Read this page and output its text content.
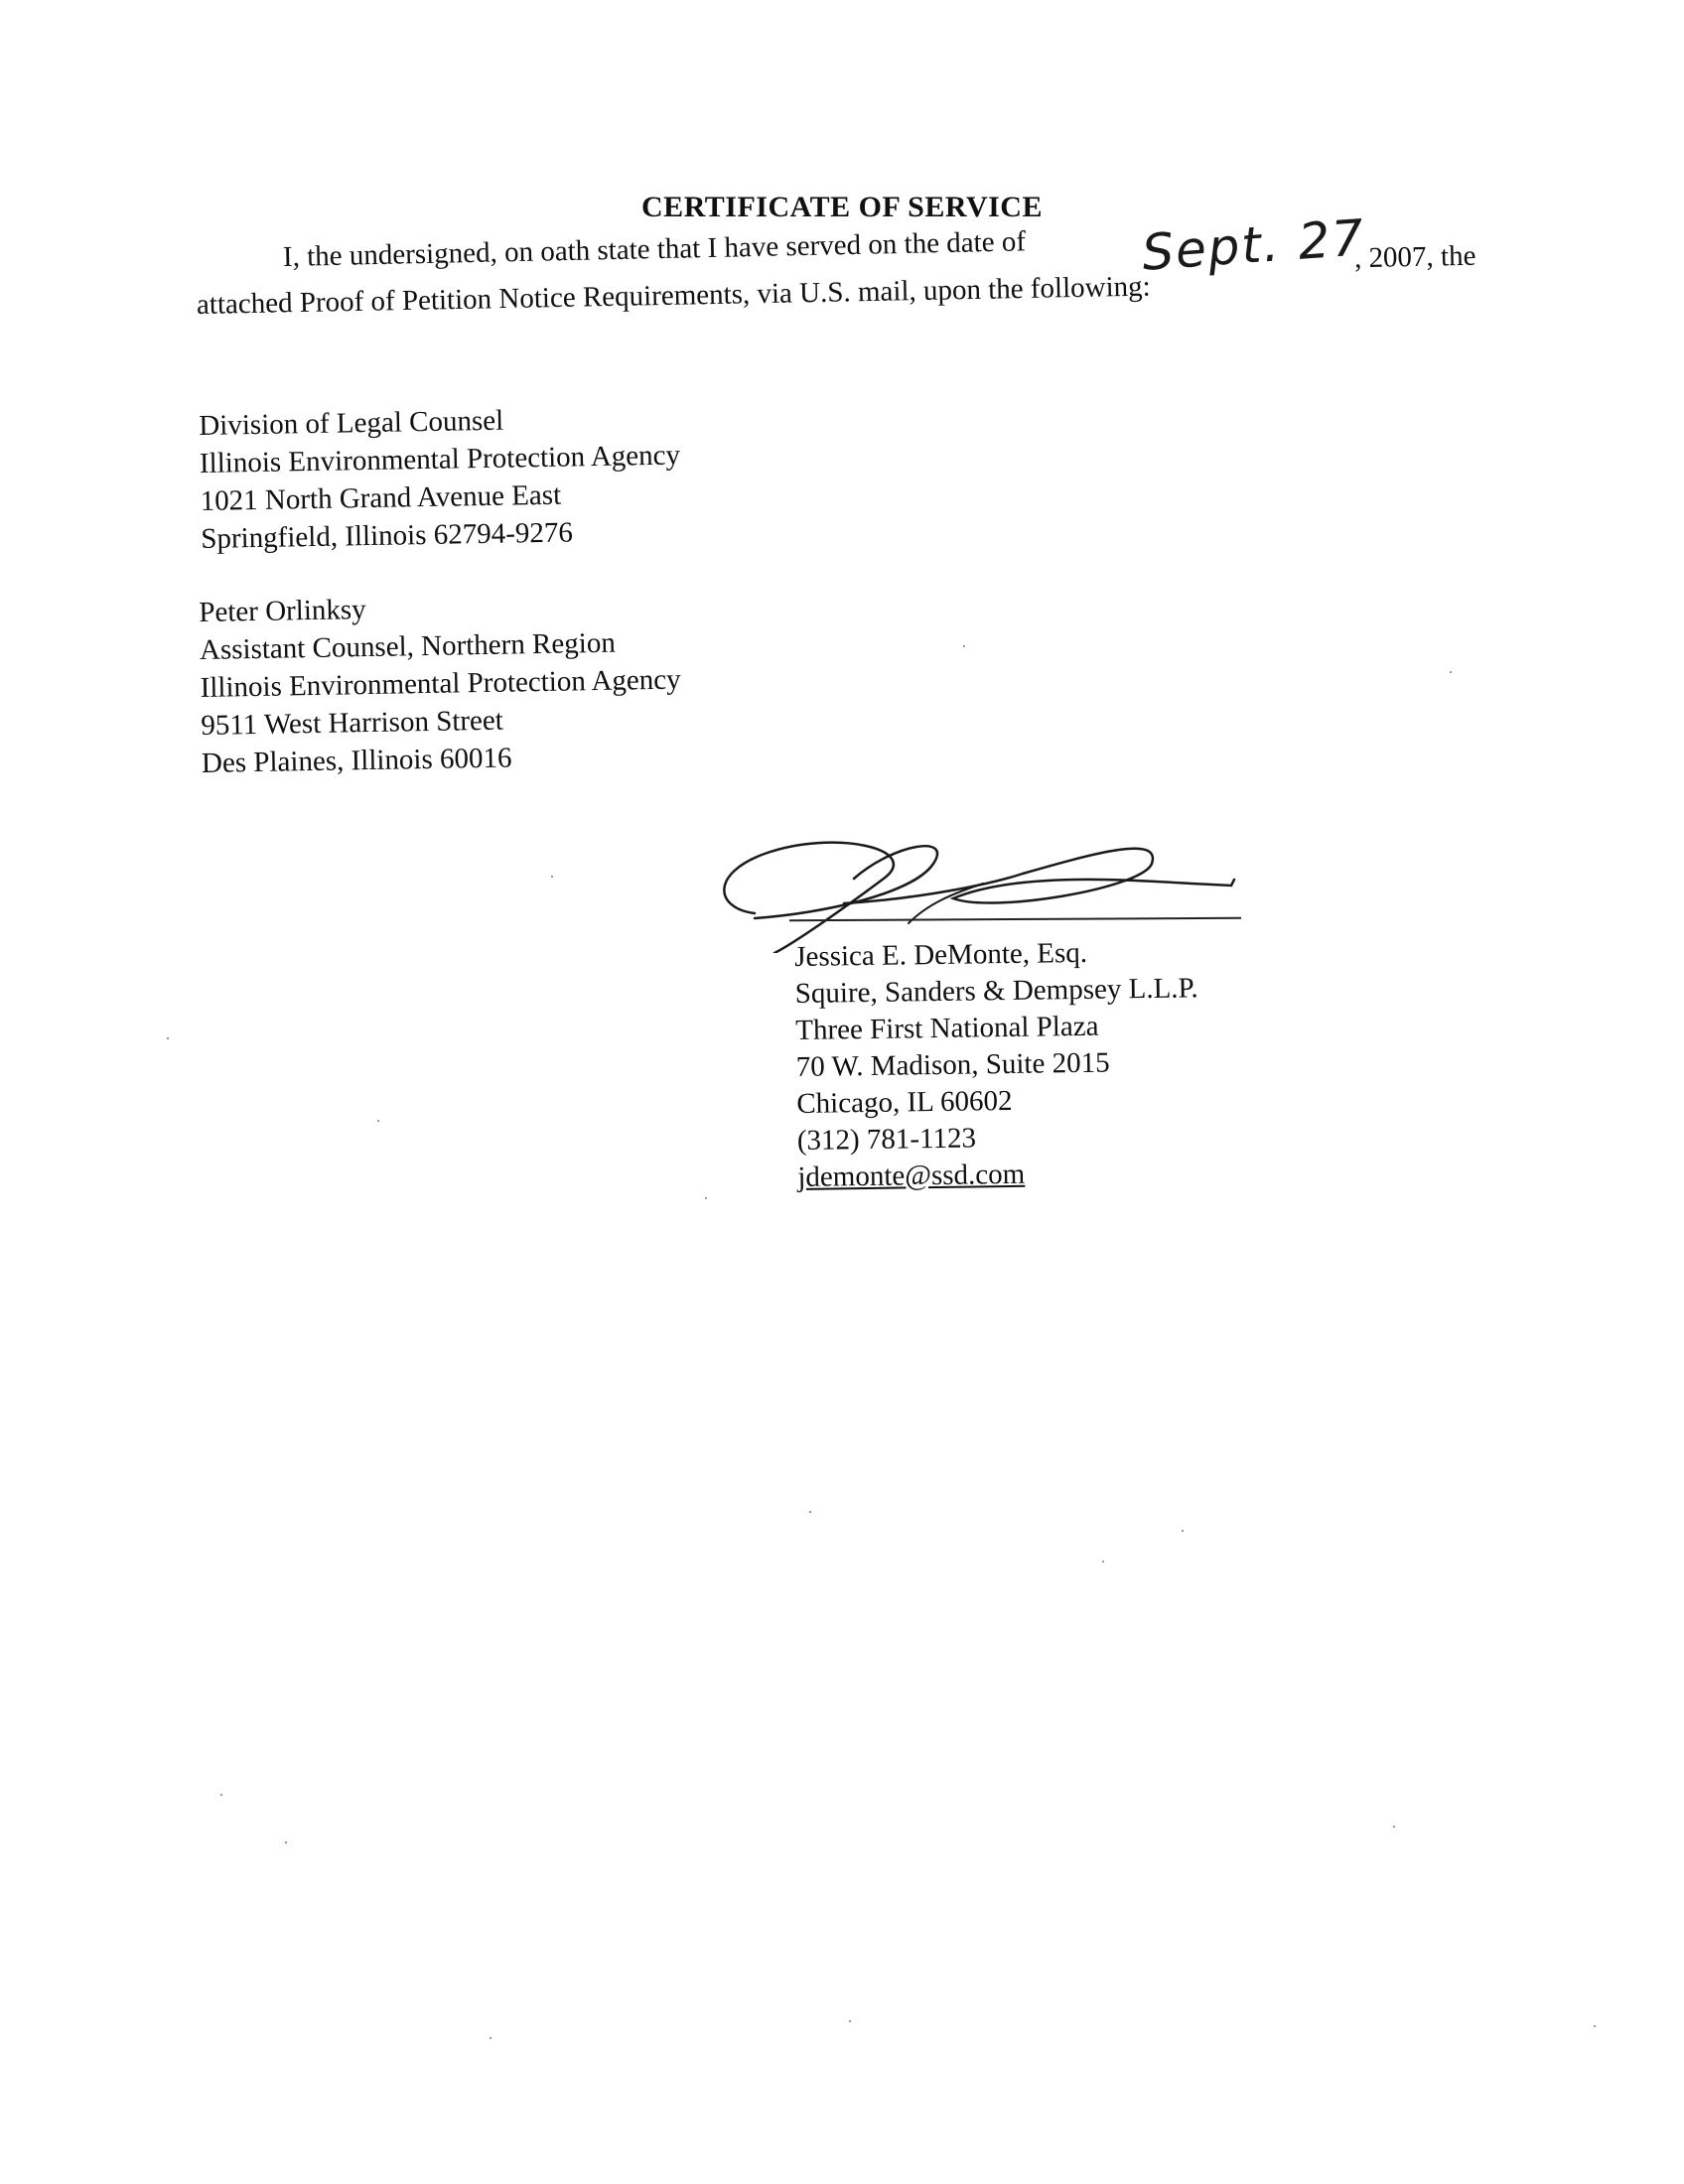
CERTIFICATE OF SERVICE
I, the undersigned, on oath state that I have served on the date of Sept. 27
, 2007, the
attached Proof of Petition Notice Requirements, via U.S. mail, upon the following:
Division of Legal Counsel
Illinois Environmental Protection Agency
1021 North Grand Avenue East
Springfield, Illinois 62794-9276
Peter Orlinksy
Assistant Counsel, Northern Region
Illinois Environmental Protection Agency
9511 West Harrison Street
Des Plaines, Illinois 60016
Jessica E. DeMonte, Esq.
Squire, Sanders & Dempsey L.L.P.
Three First National Plaza
70 W. Madison, Suite 2015
Chicago, IL 60602
(312) 781-1123
jdemonte@ssd.com
